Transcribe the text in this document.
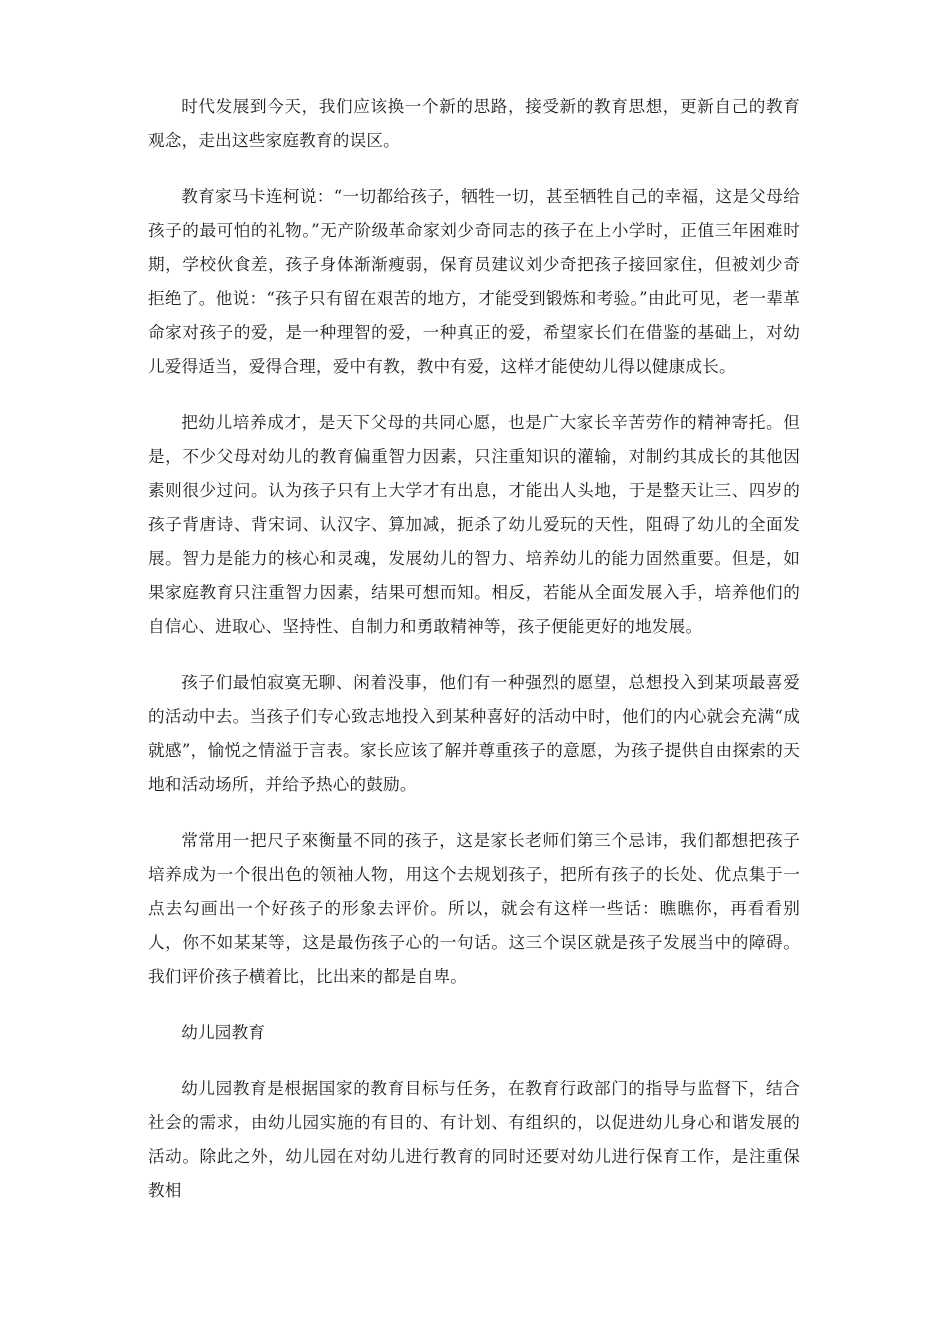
时代发展到今天，我们应该换一个新的思路，接受新的教育思想，更新自己的教育观念，走出这些家庭教育的误区。

教育家马卡连柯说：“一切都给孩子，牺牲一切，甚至牺牲自己的幸福，这是父母给孩子的最可怕的礼物。”无产阶级革命家刘少奇同志的孩子在上小学时，正值三年困难时期，学校伙食差，孩子身体渐渐瘦弱，保育员建议刘少奇把孩子接回家住，但被刘少奇拒绝了。他说：“孩子只有留在艰苦的地方，才能受到锻炼和考验。”由此可见，老一辈革命家对孩子的爱，是一种理智的爱，一种真正的爱，希望家长们在借鉴的基础上，对幼儿爱得适当，爱得合理，爱中有教，教中有爱，这样才能使幼儿得以健康成长。

把幼儿培养成才，是天下父母的共同心愿，也是广大家长辛苦劳作的精神寄托。但是，不少父母对幼儿的教育偏重智力因素，只注重知识的灌输，对制约其成长的其他因素则很少过问。认为孩子只有上大学才有出息，才能出人头地，于是整天让三、四岁的孩子背唐诗、背宋词、认汉字、算加减，扼杀了幼儿爱玩的天性，阻碍了幼儿的全面发展。智力是能力的核心和灵魂，发展幼儿的智力、培养幼儿的能力固然重要。但是，如果家庭教育只注重智力因素，结果可想而知。相反，若能从全面发展入手，培养他们的自信心、进取心、坚持性、自制力和勇敢精神等，孩子便能更好的地发展。

孩子们最怕寂寞无聊、闲着没事，他们有一种强烈的愿望，总想投入到某项最喜爱的活动中去。当孩子们专心致志地投入到某种喜好的活动中时，他们的内心就会充满“成就感”，愉悦之情溢于言表。家长应该了解并尊重孩子的意愿，为孩子提供自由探索的天地和活动场所，并给予热心的鼓励。

常常用一把尺子來衡量不同的孩子，这是家长老师们第三个忌讳，我们都想把孩子培养成为一个很出色的领袖人物，用这个去规划孩子，把所有孩子的长处、优点集于一点去勾画出一个好孩子的形象去评价。所以，就会有这样一些话：瞧瞧你，再看看别人，你不如某某等，这是最伤孩子心的一句话。这三个误区就是孩子发展当中的障碍。我们评价孩子横着比，比出来的都是自卑。

幼儿园教育

幼儿园教育是根据国家的教育目标与任务，在教育行政部门的指导与监督下，结合社会的需求，由幼儿园实施的有目的、有计划、有组织的，以促进幼儿身心和谐发展的活动。除此之外，幼儿园在对幼儿进行教育的同时还要对幼儿进行保育工作，是注重保教相
